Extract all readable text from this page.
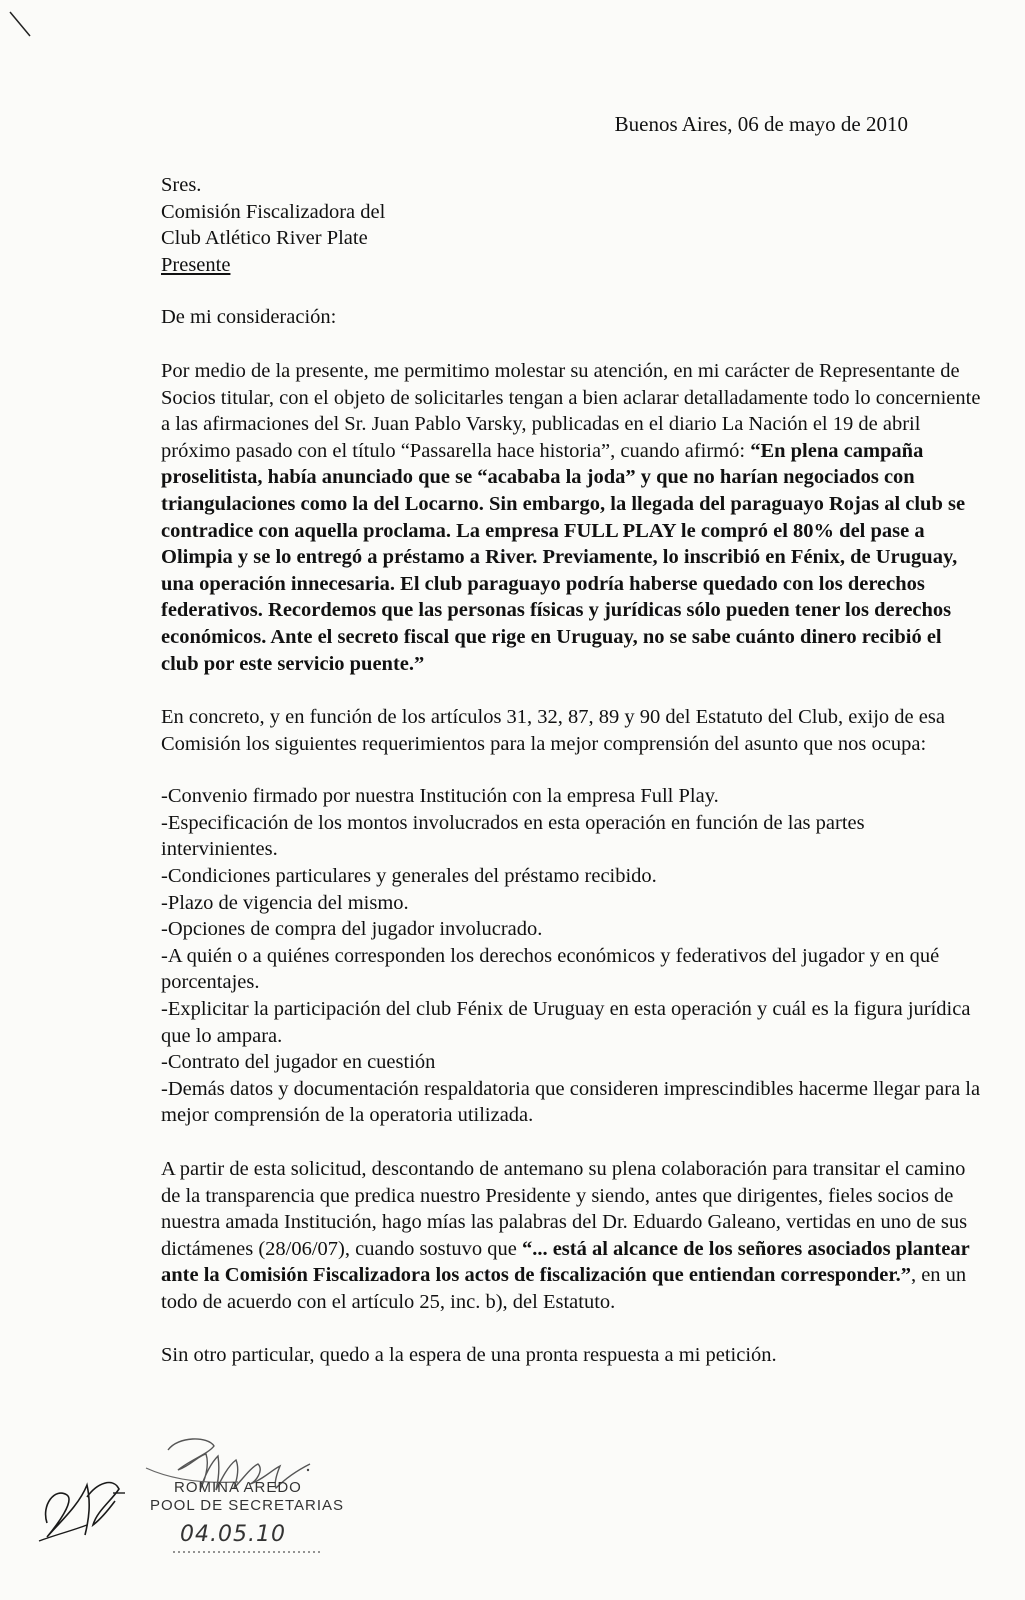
Buenos Aires, 06 de mayo de 2010
Sres.
Comisión Fiscalizadora del
Club Atlético River Plate
Presente
De mi consideración:
Por medio de la presente, me permitimo molestar su atención, en mi carácter de Representante de Socios titular, con el objeto de solicitarles tengan a bien aclarar detalladamente todo lo concerniente a las afirmaciones del Sr. Juan Pablo Varsky, publicadas en el diario La Nación el 19 de abril próximo pasado con el título “Passarella hace historia”, cuando afirmó: “En plena campaña proselitista, había anunciado que se “acababa la joda” y que no harían negociados con triangulaciones como la del Locarno. Sin embargo, la llegada del paraguayo Rojas al club se contradice con aquella proclama. La empresa FULL PLAY le compró el 80% del pase a Olimpia y se lo entregó a préstamo a River. Previamente, lo inscribió en Fénix, de Uruguay, una operación innecesaria. El club paraguayo podría haberse quedado con los derechos federativos. Recordemos que las personas físicas y jurídicas sólo pueden tener los derechos económicos. Ante el secreto fiscal que rige en Uruguay, no se sabe cuánto dinero recibió el club por este servicio puente.”
En concreto, y en función de los artículos 31, 32, 87, 89 y 90 del Estatuto del Club, exijo de esa Comisión los siguientes requerimientos para la mejor comprensión del asunto que nos ocupa:
-Convenio firmado por nuestra Institución con la empresa Full Play.
-Especificación de los montos involucrados en esta operación en función de las partes intervinientes.
-Condiciones particulares y generales del préstamo recibido.
-Plazo de vigencia del mismo.
-Opciones de compra del jugador involucrado.
-A quién o a quiénes corresponden los derechos económicos y federativos del jugador y en qué porcentajes.
-Explicitar la participación del club Fénix de Uruguay en esta operación y cuál es la figura jurídica que lo ampara.
-Contrato del jugador en cuestión
-Demás datos y documentación respaldatoria que consideren imprescindibles hacerme llegar para la mejor comprensión de la operatoria utilizada.
A partir de esta solicitud, descontando de antemano su plena colaboración para transitar el camino de la transparencia que predica nuestro Presidente y siendo, antes que dirigentes, fieles socios de nuestra amada Institución, hago mías las palabras del Dr. Eduardo Galeano, vertidas en uno de sus dictámenes (28/06/07), cuando sostuvo que “... está al alcance de los señores asociados plantear ante la Comisión Fiscalizadora los actos de fiscalización que entiendan corresponder.”, en un todo de acuerdo con el artículo 25, inc. b), del Estatuto.
Sin otro particular, quedo a la espera de una pronta respuesta a mi petición.
ROMINA AREDO
POOL DE SECRETARIAS
04.05.10
